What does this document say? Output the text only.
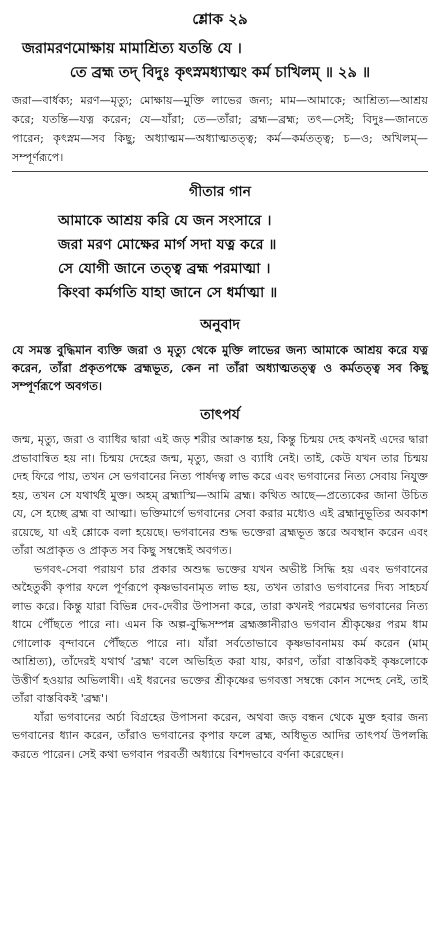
শ্লোক ২৯

জরামরণমোক্ষায় মামাশ্রিত্য যতন্তি যে ।

তে ব্রহ্ম তদ্ বিদুঃ কৃৎস্নমধ্যাত্মং কর্ম চাখিলম্ ॥ ২৯ ॥

জরা—বার্ধক্য; মরণ—মৃত্যু; মোক্ষায়—মুক্তি লাভের জন্য; মাম—আমাকে; আশ্রিত্য—আশ্রয় করে; যতন্তি—যত্ন করেন; যে—যাঁরা; তে—তাঁরা; ব্রহ্ম—ব্রহ্ম; তৎ—সেই; বিদুঃ—জানতে পারেন; কৃৎস্নম—সব কিছু; অধ্যাত্মম—অধ্যাত্মতত্ত্ব; কর্ম—কর্মতত্ত্ব; চ—ও; অখিলম্—সম্পূর্ণরূপে।

গীতার গান
আমাকে আশ্রয় করি যে জন সংসারে ।
জরা মরণ মোক্ষের মার্গ সদা যত্ন করে ॥
সে যোগী জানে তত্ত্ব ব্রহ্ম পরমাত্মা ।
কিংবা কর্মগতি যাহা জানে সে ধর্মাত্মা ॥
অনুবাদ

যে সমস্ত বুদ্ধিমান ব্যক্তি জরা ও মৃত্যু থেকে মুক্তি লাভের জন্য আমাকে আশ্রয় করে যত্ন করেন, তাঁরা প্রকৃতপক্ষে ব্রহ্মভূত, কেন না তাঁরা অধ্যাত্মতত্ত্ব ও কর্মতত্ত্ব সব কিছু সম্পূর্ণরূপে অবগত।

তাৎপর্য

জন্ম, মৃত্যু, জরা ও ব্যাধির দ্বারা এই জড় শরীর আক্রান্ত হয়, কিন্তু চিন্ময় দেহ কখনই এদের দ্বারা প্রভাবান্বিত হয় না। চিন্ময় দেহের জন্ম, মৃত্যু, জরা ও ব্যাধি নেই। তাই, কেউ যখন তার চিন্ময় দেহ ফিরে পায়, তখন সে ভগবানের নিত্য পার্ষদত্ব লাভ করে এবং ভগবানের নিত্য সেবায় নিযুক্ত হয়, তখন সে যথার্থই মুক্ত। অহম্ ব্রহ্মাস্মি—আমি ব্রহ্ম। কথিত আছে—প্রত্যেকের জানা উচিত যে, সে হচ্ছে ব্রহ্ম বা আত্মা। ভক্তিমার্গে ভগবানের সেবা করার মধ্যেও এই ব্রহ্মানুভূতির অবকাশ রয়েছে, যা এই শ্লোকে বলা হয়েছে। ভগবানের শুদ্ধ ভক্তেরা ব্রহ্মভূত স্তরে অবস্থান করেন এবং তাঁরা অপ্রাকৃত ও প্রাকৃত সব কিছু সম্বন্ধেই অবগত।

ভগবৎ-সেবা পরায়ণ চার প্রকার অশুদ্ধ ভক্তের যখন অভীষ্ট সিদ্ধি হয় এবং ভগবানের অহৈতুকী কৃপার ফলে পূর্ণরূপে কৃষ্ণভাবনামৃত লাভ হয়, তখন তারাও ভগবানের দিব্য সাহচর্য লাভ করে। কিন্তু যারা বিভিন্ন দেব-দেবীর উপাসনা করে, তারা কখনই পরমেশ্বর ভগবানের নিত্য ধামে পৌঁছতে পারে না। এমন কি অল্প-বুদ্ধিসম্পন্ন ব্রহ্মজ্ঞানীরাও ভগবান শ্রীকৃষ্ণের পরম ধাম গোলোক বৃন্দাবনে পৌঁছতে পারে না। যাঁরা সর্বতোভাবে কৃষ্ণভাবনাময় কর্ম করেন (মাম্ আশ্রিত্য), তাঁদেরই যথার্থ 'ব্রহ্ম' বলে অভিহিত করা যায়, কারণ, তাঁরা বাস্তবিকই কৃষ্ণলোকে উত্তীর্ণ হওয়ার অভিলাষী। এই ধরনের ভক্তের শ্রীকৃষ্ণের ভগবত্তা সম্বন্ধে কোন সন্দেহ নেই, তাই তাঁরা বাস্তবিকই 'ব্রহ্ম'।

যাঁরা ভগবানের অর্চা বিগ্রহের উপাসনা করেন, অথবা জড় বন্ধন থেকে মুক্ত হবার জন্য ভগবানের ধ্যান করেন, তাঁরাও ভগবানের কৃপার ফলে ব্রহ্ম, অধিভূত আদির তাৎপর্য উপলব্ধি করতে পারেন। সেই কথা ভগবান পরবর্তী অধ্যায়ে বিশদভাবে বর্ণনা করেছেন।
